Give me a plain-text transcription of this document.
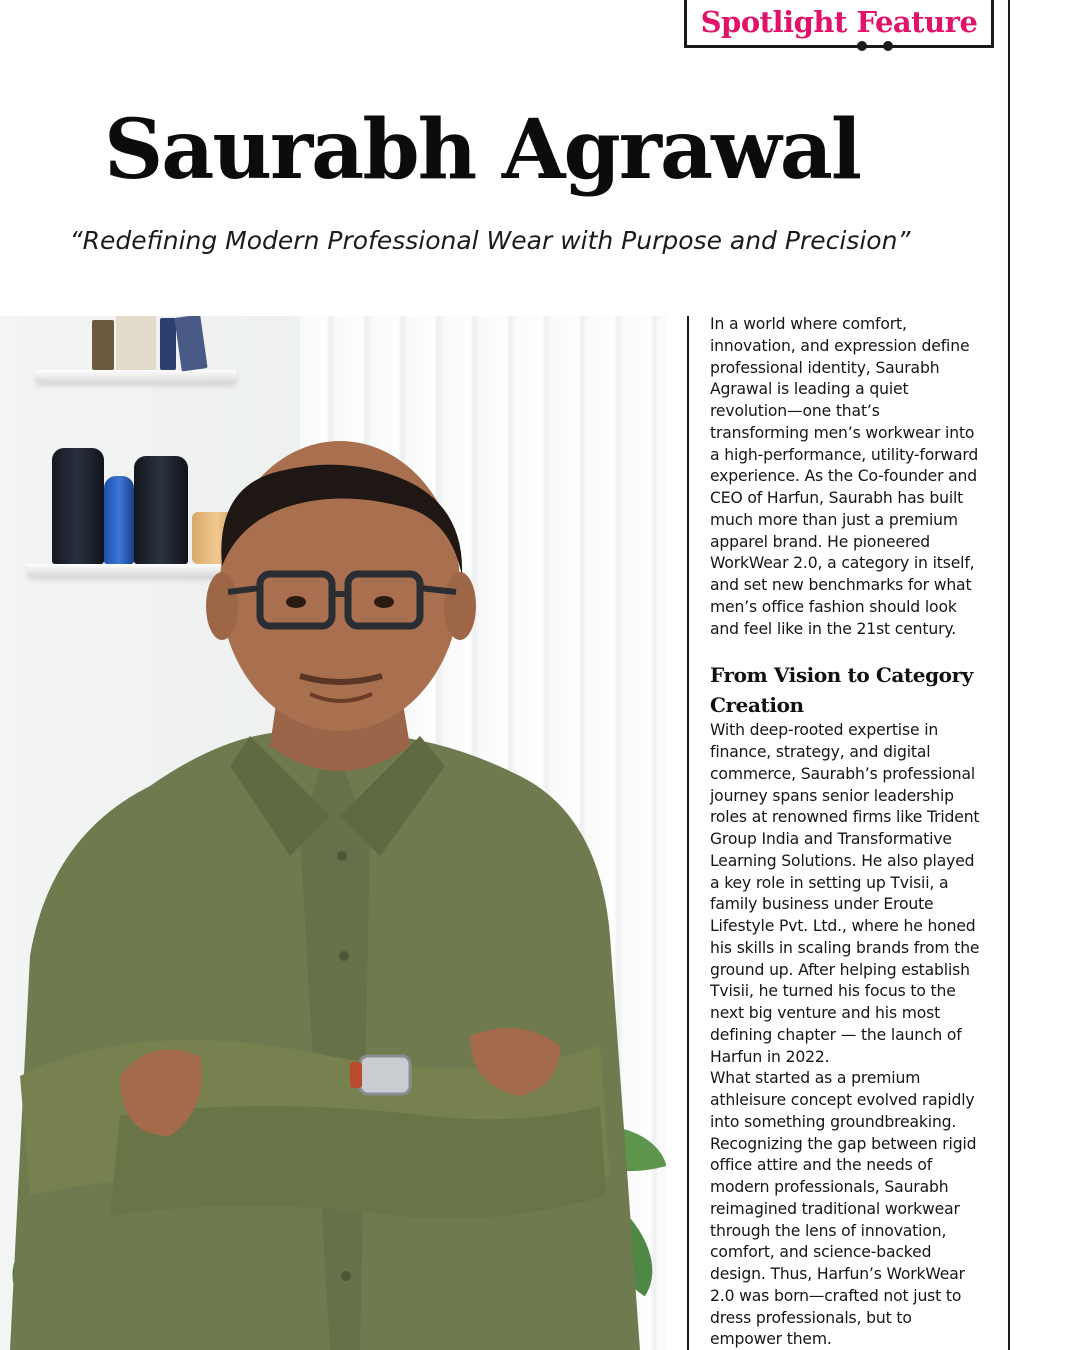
Spotlight Feature
Saurabh Agrawal

“Redefining Modern Professional Wear with Purpose and Precision”

In a world where comfort,
innovation, and expression define
professional identity, Saurabh
Agrawal is leading a quiet
revolution—one that’s
transforming men’s workwear into
a high-performance, utility-forward
experience. As the Co-founder and
CEO of Harfun, Saurabh has built
much more than just a premium
apparel brand. He pioneered
WorkWear 2.0, a category in itself,
and set new benchmarks for what
men’s office fashion should look
and feel like in the 21st century.

From Vision to Category
Creation

With deep-rooted expertise in
finance, strategy, and digital
commerce, Saurabh’s professional
journey spans senior leadership
roles at renowned firms like Trident
Group India and Transformative
Learning Solutions. He also played
a key role in setting up Tvisii, a
family business under Eroute
Lifestyle Pvt. Ltd., where he honed
his skills in scaling brands from the
ground up. After helping establish
Tvisii, he turned his focus to the
next big venture and his most
defining chapter — the launch of
Harfun in 2022.

What started as a premium
athleisure concept evolved rapidly
into something groundbreaking.
Recognizing the gap between rigid
office attire and the needs of
modern professionals, Saurabh
reimagined traditional workwear
through the lens of innovation,
comfort, and science-backed
design. Thus, Harfun’s WorkWear
2.0 was born—crafted not just to
dress professionals, but to
empower them.
